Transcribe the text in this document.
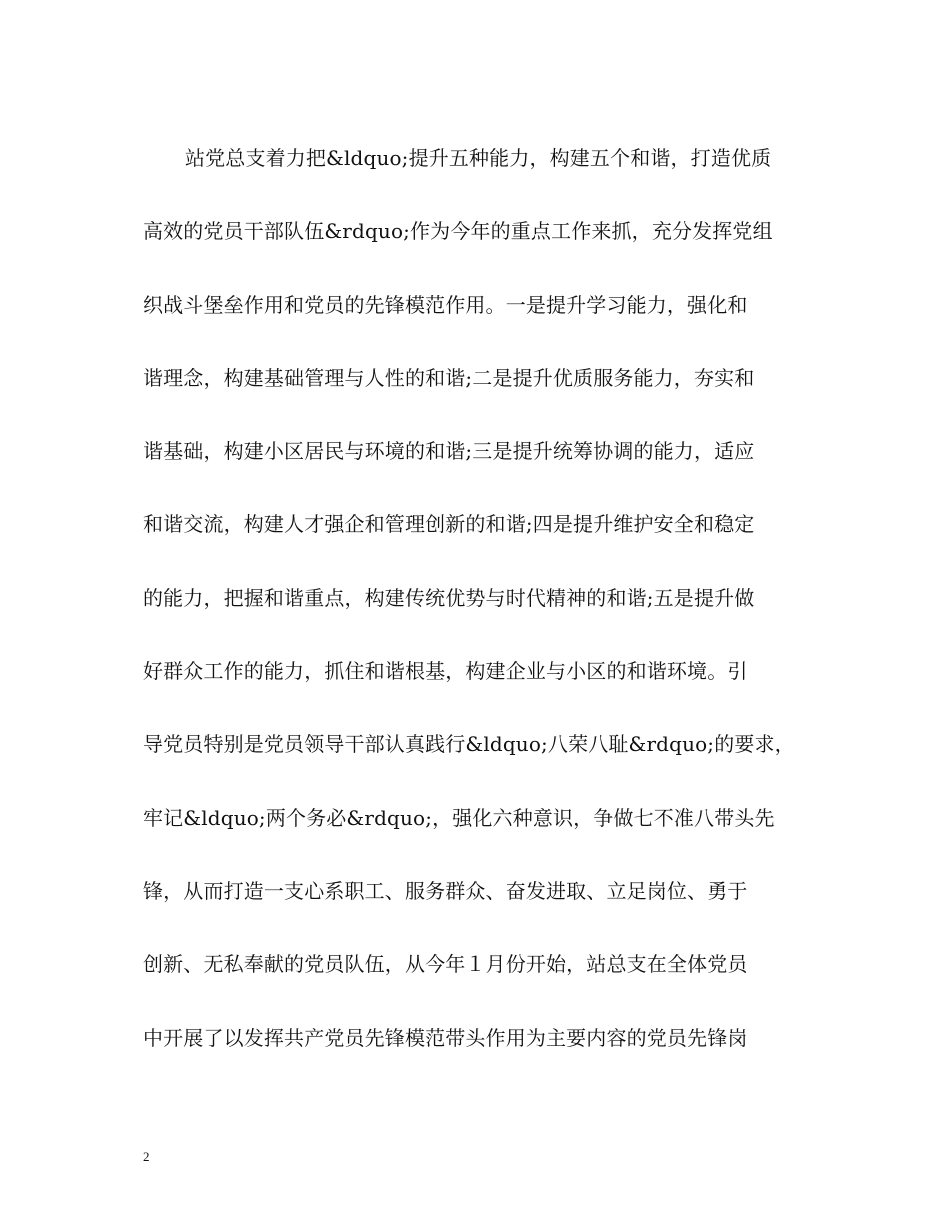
站党总支着力把&ldquo;提升五种能力，构建五个和谐，打造优质
高效的党员干部队伍&rdquo;作为今年的重点工作来抓，充分发挥党组
织战斗堡垒作用和党员的先锋模范作用。一是提升学习能力，强化和
谐理念，构建基础管理与人性的和谐;二是提升优质服务能力，夯实和
谐基础，构建小区居民与环境的和谐;三是提升统筹协调的能力，适应
和谐交流，构建人才强企和管理创新的和谐;四是提升维护安全和稳定
的能力，把握和谐重点，构建传统优势与时代精神的和谐;五是提升做
好群众工作的能力，抓住和谐根基，构建企业与小区的和谐环境。引
导党员特别是党员领导干部认真践行&ldquo;八荣八耻&rdquo;的要求，
牢记&ldquo;两个务必&rdquo;，强化六种意识，争做七不准八带头先
锋，从而打造一支心系职工、服务群众、奋发进取、立足岗位、勇于
创新、无私奉献的党员队伍，从今年１月份开始，站总支在全体党员
中开展了以发挥共产党员先锋模范带头作用为主要内容的党员先锋岗
2
